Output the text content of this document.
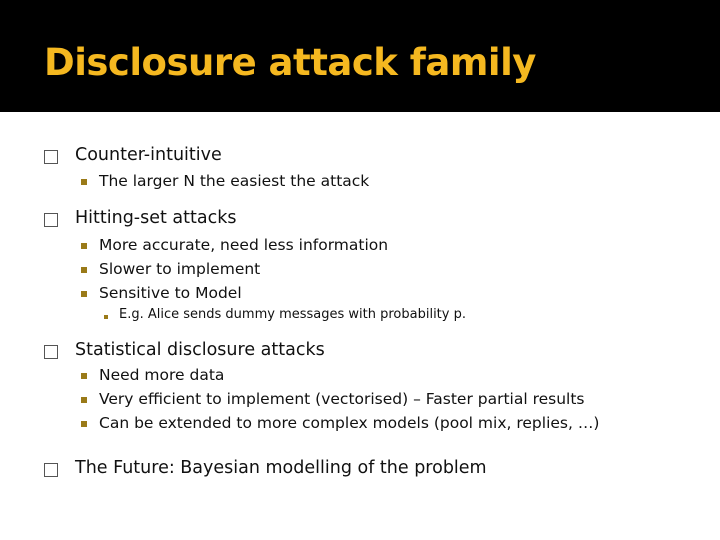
Disclosure attack family
Counter-intuitive
The larger N the easiest the attack
Hitting-set attacks
More accurate, need less information
Slower to implement
Sensitive to Model
E.g. Alice sends dummy messages with probability p.
Statistical disclosure attacks
Need more data
Very efficient to implement (vectorised) – Faster partial results
Can be extended to more complex models (pool mix, replies, …)
The Future: Bayesian modelling of the problem
